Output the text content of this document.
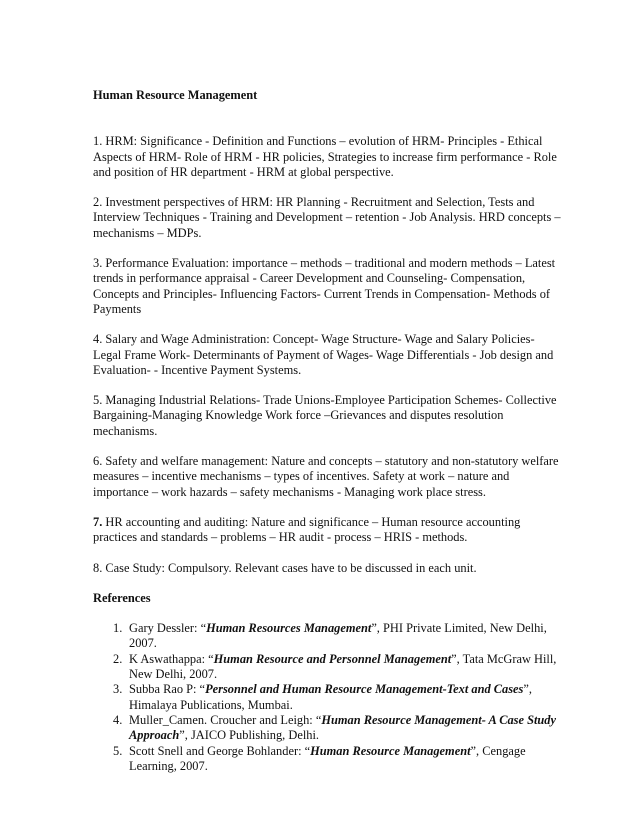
Human Resource Management

1. HRM: Significance - Definition and Functions – evolution of HRM- Principles - Ethical Aspects of HRM- Role of HRM - HR policies, Strategies to increase firm performance - Role and position of HR department - HRM at global perspective.

2. Investment perspectives of HRM: HR Planning - Recruitment and Selection, Tests and Interview Techniques - Training and Development – retention - Job Analysis. HRD concepts – mechanisms – MDPs.

3. Performance Evaluation: importance – methods – traditional and modern methods – Latest trends in performance appraisal - Career Development and Counseling- Compensation, Concepts and Principles- Influencing Factors- Current Trends in Compensation- Methods of Payments

4. Salary and Wage Administration: Concept- Wage Structure- Wage and Salary Policies- Legal Frame Work- Determinants of Payment of Wages- Wage Differentials - Job design and Evaluation- - Incentive Payment Systems.

5. Managing Industrial Relations- Trade Unions-Employee Participation Schemes- Collective Bargaining-Managing Knowledge Work force –Grievances and disputes resolution mechanisms.

6. Safety and welfare management: Nature and concepts – statutory and non-statutory welfare measures – incentive mechanisms – types of incentives. Safety at work – nature and importance – work hazards – safety mechanisms - Managing work place stress.

7. HR accounting and auditing: Nature and significance – Human resource accounting practices and standards – problems – HR audit - process – HRIS - methods.

8. Case Study: Compulsory. Relevant cases have to be discussed in each unit.

References
1. Gary Dessler: “Human Resources Management”, PHI Private Limited, New Delhi, 2007.
2. K Aswathappa: “Human Resource and Personnel Management”, Tata McGraw Hill, New Delhi, 2007.
3. Subba Rao P: “Personnel and Human Resource Management-Text and Cases”, Himalaya Publications, Mumbai.
4. Muller_Camen. Croucher and Leigh: “Human Resource Management- A Case Study Approach”, JAICO Publishing, Delhi.
5. Scott Snell and George Bohlander: “Human Resource Management”, Cengage Learning, 2007.
